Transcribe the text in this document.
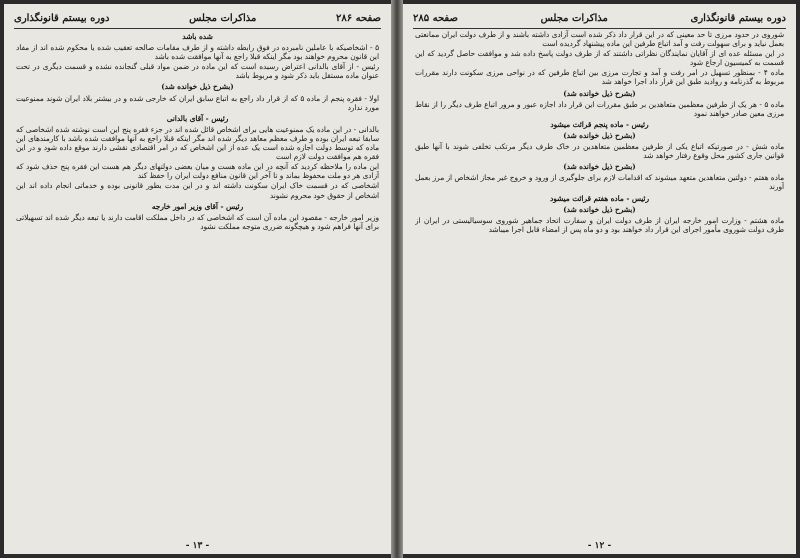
صفحه ۲۸۶
مذاکرات مجلس
دوره بیستم قانونگذاری

شده باشد

۵ - اشخاصیکه با عاملین نامبرده در فوق رابطه داشته و از طرف مقامات صالحه تعقیب شده یا محکوم شده اند از مفاد این قانون محروم خواهند بود مگر اینکه قبلا راجع به آنها موافقت شده باشد

رئیس - از آقای بالدانی اعتراض رسیده است که این ماده در ضمن مواد قبلی گنجانده نشده و قسمت دیگری در تحت عنوان ماده مستقل باید ذکر شود و مربوط باشد

(بشرح ذیل خوانده شد)

اولا - فقره پنجم از ماده ۵ که از قرار داد راجع به اتباع سابق ایران که خارجی شده و در بیشتر بلاد ایران شوند ممنوعیت مورد ندارد

رئیس - آقای بالدانی

بالدانی - در این ماده یک ممنوعیت هایی برای اشخاص قائل شده اند در جزء فقره پنج این است نوشته شده اشخاصی که سابقا تبعه ایران بوده و طرف معظم معاهد دیگر شده اند مگر اینکه قبلا راجع به آنها موافقت شده باشد با کارمندهای این ماده که توسط دولت اجازه شده است یک عده از این اشخاص که در امر اقتصادی نقشی دارند موقع داده شود و در این فقره هم موافقت دولت لازم است

این ماده را ملاحظه کردید که آنچه در این ماده هست و میان بعضی دولتهای دیگر هم هست این فقره پنج حذف شود که آزادی هر دو ملت محفوظ بماند و تا آخر این قانون منافع دولت ایران را حفظ کند

اشخاصی که در قسمت خاک ایران سکونت داشته اند و در این مدت بطور قانونی بوده و خدماتی انجام داده اند این اشخاص از حقوق خود محروم نشوند

رئیس - آقای وزیر امور خارجه

وزیر امور خارجه - مقصود این ماده آن است که اشخاصی که در داخل مملکت اقامت دارند یا تبعه دیگر شده اند تسهیلاتی برای آنها فراهم شود و هیچگونه ضرری متوجه مملکت نشود

- ۱۳ -
دوره بیستم قانونگذاری
مذاکرات مجلس
صفحه ۲۸۵

شوروی در حدود مرزی تا حد معینی که در این قرار داد ذکر شده است آزادی داشته باشند و از طرف دولت ایران ممانعتی بعمل نیاید و برای سهولت رفت و آمد اتباع طرفین این ماده پیشنهاد گردیده است

در این مسئله عده ای از آقایان نمایندگان نظراتی داشتند که از طرف دولت پاسخ داده شد و موافقت حاصل گردید که این قسمت به کمیسیون ارجاع شود

ماده ۴ - بمنظور تسهیل در امر رفت و آمد و تجارت مرزی بین اتباع طرفین که در نواحی مرزی سکونت دارند مقررات مربوط به گذرنامه و روادید طبق این قرار داد اجرا خواهد شد

(بشرح ذیل خوانده شد)

ماده ۵ - هر یک از طرفین معظمین متعاهدین بر طبق مقررات این قرار داد اجازه عبور و مرور اتباع طرف دیگر را از نقاط مرزی معین صادر خواهند نمود

رئیس - ماده پنجم قرائت میشود

(بشرح ذیل خوانده شد)

ماده شش - در صورتیکه اتباع یکی از طرفین معظمین متعاهدین در خاک طرف دیگر مرتکب تخلفی شوند با آنها طبق قوانین جاری کشور محل وقوع رفتار خواهد شد

(بشرح ذیل خوانده شد)

ماده هفتم - دولتین متعاهدین متعهد میشوند که اقدامات لازم برای جلوگیری از ورود و خروج غیر مجاز اشخاص از مرز بعمل آورند

رئیس - ماده هفتم قرائت میشود

(بشرح ذیل خوانده شد)

ماده هشتم - وزارت امور خارجه ایران از طرف دولت ایران و سفارت اتحاد جماهیر شوروی سوسیالیستی در ایران از طرف دولت شوروی مأمور اجرای این قرار داد خواهند بود و دو ماه پس از امضاء قابل اجرا میباشد

- ۱۲ -
